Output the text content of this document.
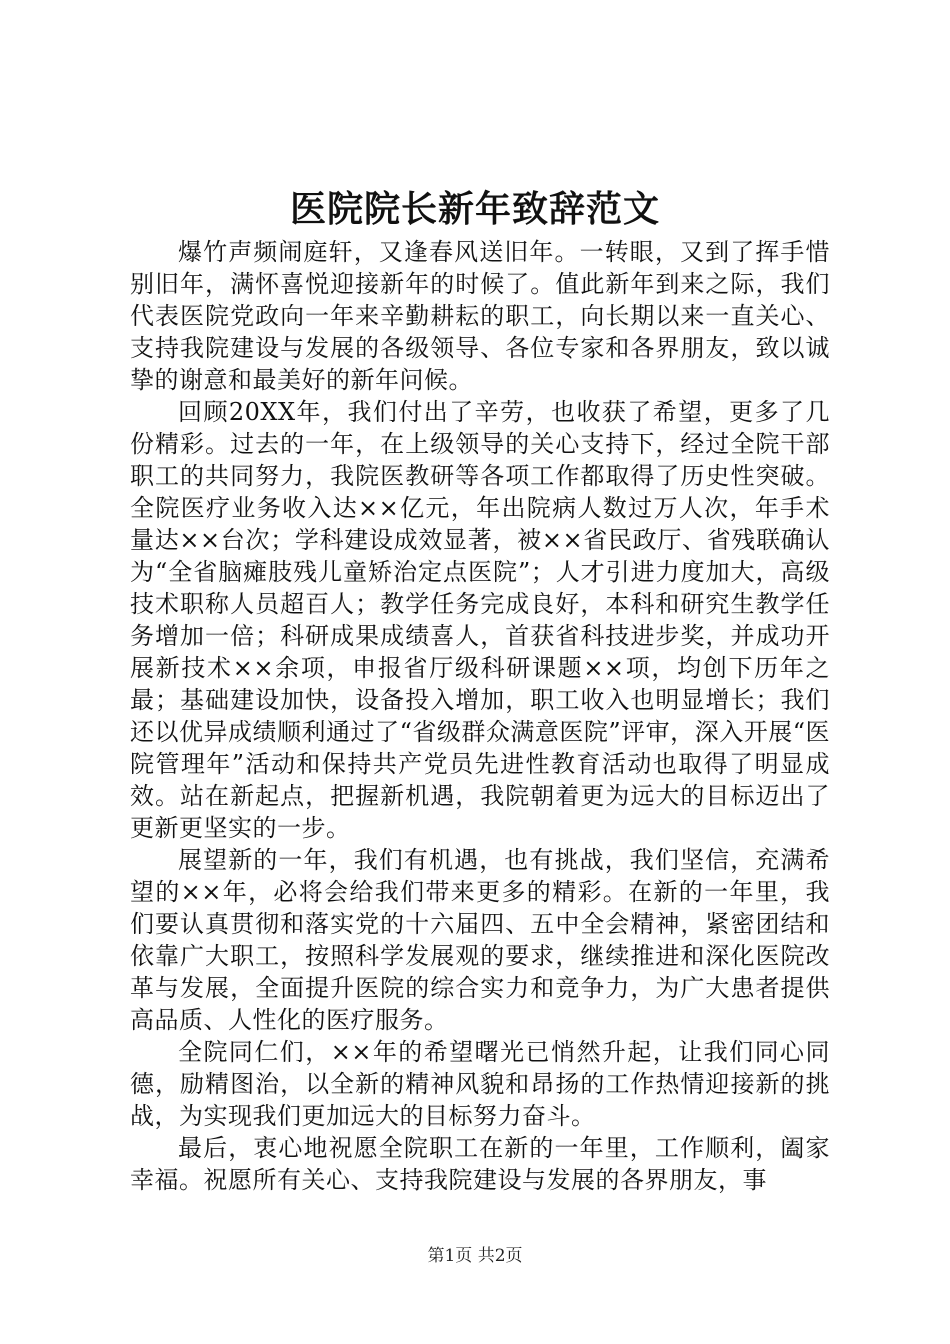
医院院长新年致辞范文

爆竹声频闹庭轩，又逢春风送旧年。一转眼，又到了挥手惜别旧年，满怀喜悦迎接新年的时候了。值此新年到来之际，我们代表医院党政向一年来辛勤耕耘的职工，向长期以来一直关心、支持我院建设与发展的各级领导、各位专家和各界朋友，致以诚挚的谢意和最美好的新年问候。

回顾20XX年，我们付出了辛劳，也收获了希望，更多了几份精彩。过去的一年，在上级领导的关心支持下，经过全院干部职工的共同努力，我院医教研等各项工作都取得了历史性突破。全院医疗业务收入达××亿元，年出院病人数过万人次，年手术量达××台次；学科建设成效显著，被××省民政厅、省残联确认为“全省脑瘫肢残儿童矫治定点医院”；人才引进力度加大，高级技术职称人员超百人；教学任务完成良好，本科和研究生教学任务增加一倍；科研成果成绩喜人，首获省科技进步奖，并成功开展新技术××余项，申报省厅级科研课题××项，均创下历年之最；基础建设加快，设备投入增加，职工收入也明显增长；我们还以优异成绩顺利通过了“省级群众满意医院”评审，深入开展“医院管理年”活动和保持共产党员先进性教育活动也取得了明显成效。站在新起点，把握新机遇，我院朝着更为远大的目标迈出了更新更坚实的一步。

展望新的一年，我们有机遇，也有挑战，我们坚信，充满希望的××年，必将会给我们带来更多的精彩。在新的一年里，我们要认真贯彻和落实党的十六届四、五中全会精神，紧密团结和依靠广大职工，按照科学发展观的要求，继续推进和深化医院改革与发展，全面提升医院的综合实力和竞争力，为广大患者提供高品质、人性化的医疗服务。

全院同仁们，××年的希望曙光已悄然升起，让我们同心同德，励精图治，以全新的精神风貌和昂扬的工作热情迎接新的挑战，为实现我们更加远大的目标努力奋斗。

最后，衷心地祝愿全院职工在新的一年里，工作顺利，阖家幸福。祝愿所有关心、支持我院建设与发展的各界朋友，事

第1页 共2页
